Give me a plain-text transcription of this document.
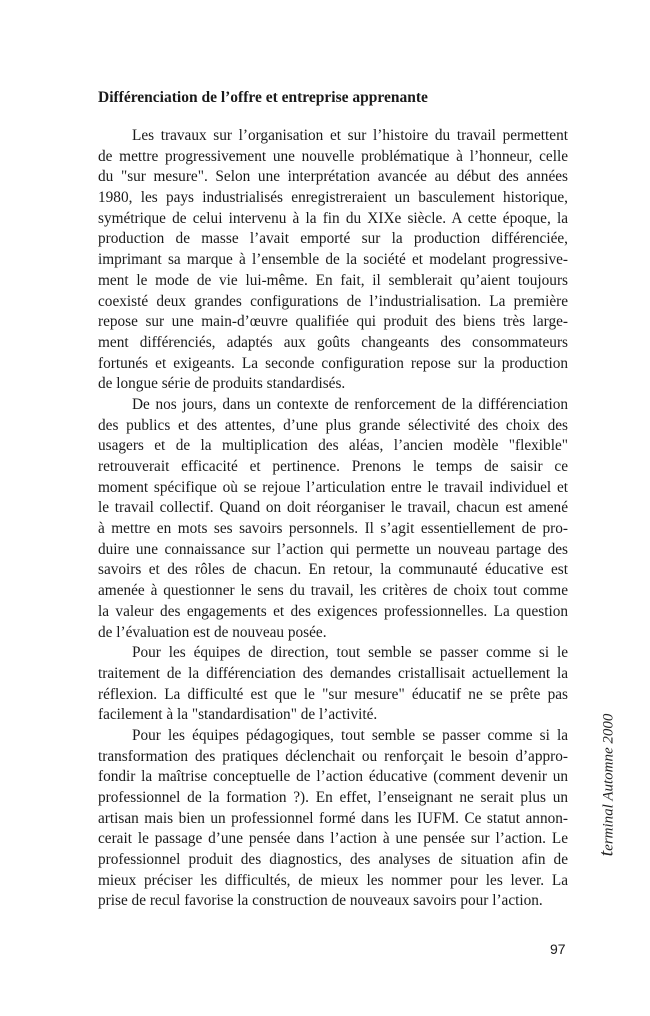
Différenciation de l’offre et entreprise apprenante
Les travaux sur l’organisation et sur l’histoire du travail permettent
de mettre progressivement une nouvelle problématique à l’honneur, celle
du "sur mesure". Selon une interprétation avancée au début des années
1980, les pays industrialisés enregistreraient un basculement historique,
symétrique de celui intervenu à la fin du XIXe siècle. A cette époque, la
production de masse l’avait emporté sur la production différenciée,
imprimant sa marque à l’ensemble de la société et modelant progressive-
ment le mode de vie lui-même. En fait, il semblerait qu’aient toujours
coexisté deux grandes configurations de l’industrialisation. La première
repose sur une main-d’œuvre qualifiée qui produit des biens très large-
ment différenciés, adaptés aux goûts changeants des consommateurs
fortunés et exigeants. La seconde configuration repose sur la production
de longue série de produits standardisés.
De nos jours, dans un contexte de renforcement de la différenciation
des publics et des attentes, d’une plus grande sélectivité des choix des
usagers et de la multiplication des aléas, l’ancien modèle "flexible"
retrouverait efficacité et pertinence. Prenons le temps de saisir ce
moment spécifique où se rejoue l’articulation entre le travail individuel et
le travail collectif. Quand on doit réorganiser le travail, chacun est amené
à mettre en mots ses savoirs personnels. Il s’agit essentiellement de pro-
duire une connaissance sur l’action qui permette un nouveau partage des
savoirs et des rôles de chacun. En retour, la communauté éducative est
amenée à questionner le sens du travail, les critères de choix tout comme
la valeur des engagements et des exigences professionnelles. La question
de l’évaluation est de nouveau posée.
Pour les équipes de direction, tout semble se passer comme si le
traitement de la différenciation des demandes cristallisait actuellement la
réflexion. La difficulté est que le "sur mesure" éducatif ne se prête pas
facilement à la "standardisation" de l’activité.
Pour les équipes pédagogiques, tout semble se passer comme si la
transformation des pratiques déclenchait ou renforçait le besoin d’appro-
fondir la maîtrise conceptuelle de l’action éducative (comment devenir un
professionnel de la formation ?). En effet, l’enseignant ne serait plus un
artisan mais bien un professionnel formé dans les IUFM. Ce statut annon-
cerait le passage d’une pensée dans l’action à une pensée sur l’action. Le
professionnel produit des diagnostics, des analyses de situation afin de
mieux préciser les difficultés, de mieux les nommer pour les lever. La
prise de recul favorise la construction de nouveaux savoirs pour l’action.
terminal Automne 2000
97
